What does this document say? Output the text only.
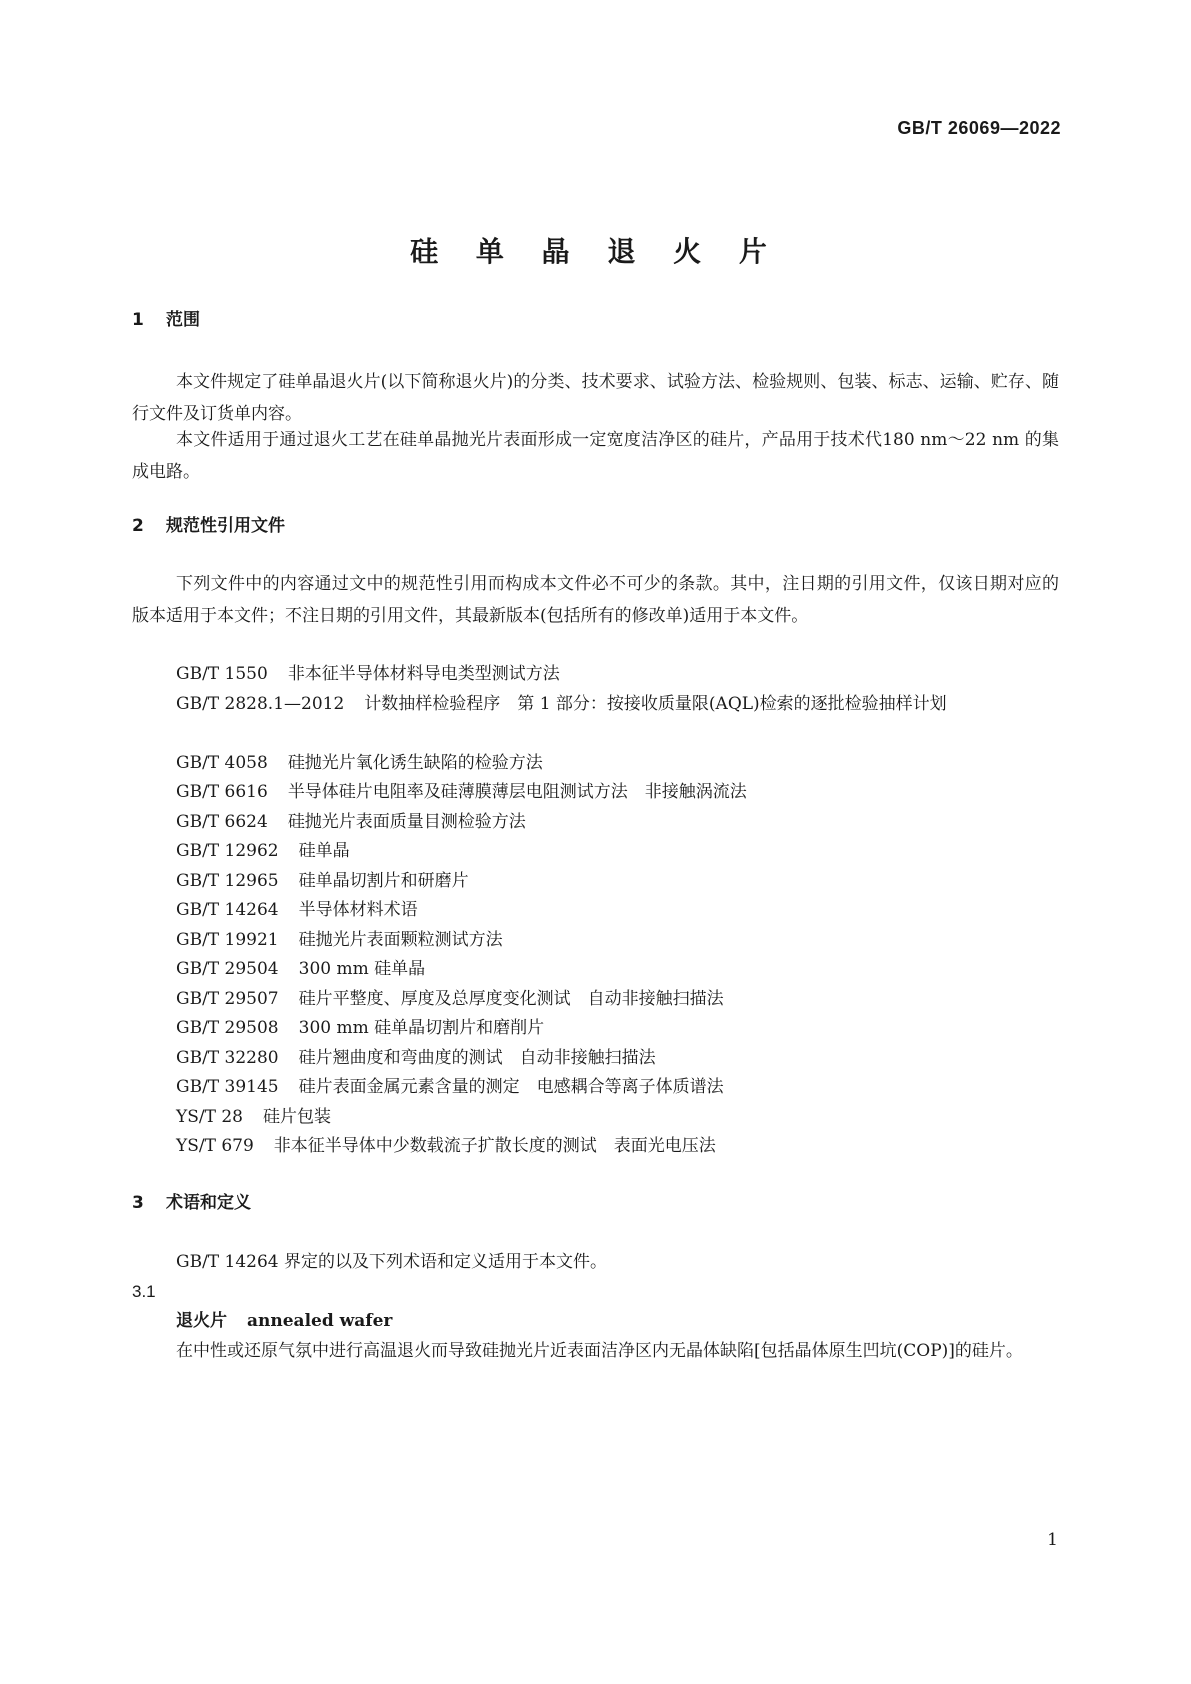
GB/T 26069—2022
硅 单 晶 退 火 片
1 范围

本文件规定了硅单晶退火片(以下简称退火片)的分类、技术要求、试验方法、检验规则、包装、标志、运输、贮存、随行文件及订货单内容。

本文件适用于通过退火工艺在硅单晶抛光片表面形成一定宽度洁净区的硅片，产品用于技术代180 nm～22 nm 的集成电路。

2 规范性引用文件

下列文件中的内容通过文中的规范性引用而构成本文件必不可少的条款。其中，注日期的引用文件，仅该日期对应的版本适用于本文件；不注日期的引用文件，其最新版本(包括所有的修改单)适用于本文件。

GB/T 1550 非本征半导体材料导电类型测试方法
GB/T 2828.1—2012 计数抽样检验程序　第 1 部分：按接收质量限(AQL)检索的逐批检验抽样计划
GB/T 4058 硅抛光片氧化诱生缺陷的检验方法
GB/T 6616 半导体硅片电阻率及硅薄膜薄层电阻测试方法　非接触涡流法
GB/T 6624 硅抛光片表面质量目测检验方法
GB/T 12962 硅单晶
GB/T 12965 硅单晶切割片和研磨片
GB/T 14264 半导体材料术语
GB/T 19921 硅抛光片表面颗粒测试方法
GB/T 29504 300 mm 硅单晶
GB/T 29507 硅片平整度、厚度及总厚度变化测试　自动非接触扫描法
GB/T 29508 300 mm 硅单晶切割片和磨削片
GB/T 32280 硅片翘曲度和弯曲度的测试　自动非接触扫描法
GB/T 39145 硅片表面金属元素含量的测定　电感耦合等离子体质谱法
YS/T 28 硅片包装
YS/T 679 非本征半导体中少数载流子扩散长度的测试　表面光电压法
3 术语和定义

GB/T 14264 界定的以及下列术语和定义适用于本文件。

3.1
退火片 annealed wafer

在中性或还原气氛中进行高温退火而导致硅抛光片近表面洁净区内无晶体缺陷[包括晶体原生凹坑(COP)]的硅片。

1
